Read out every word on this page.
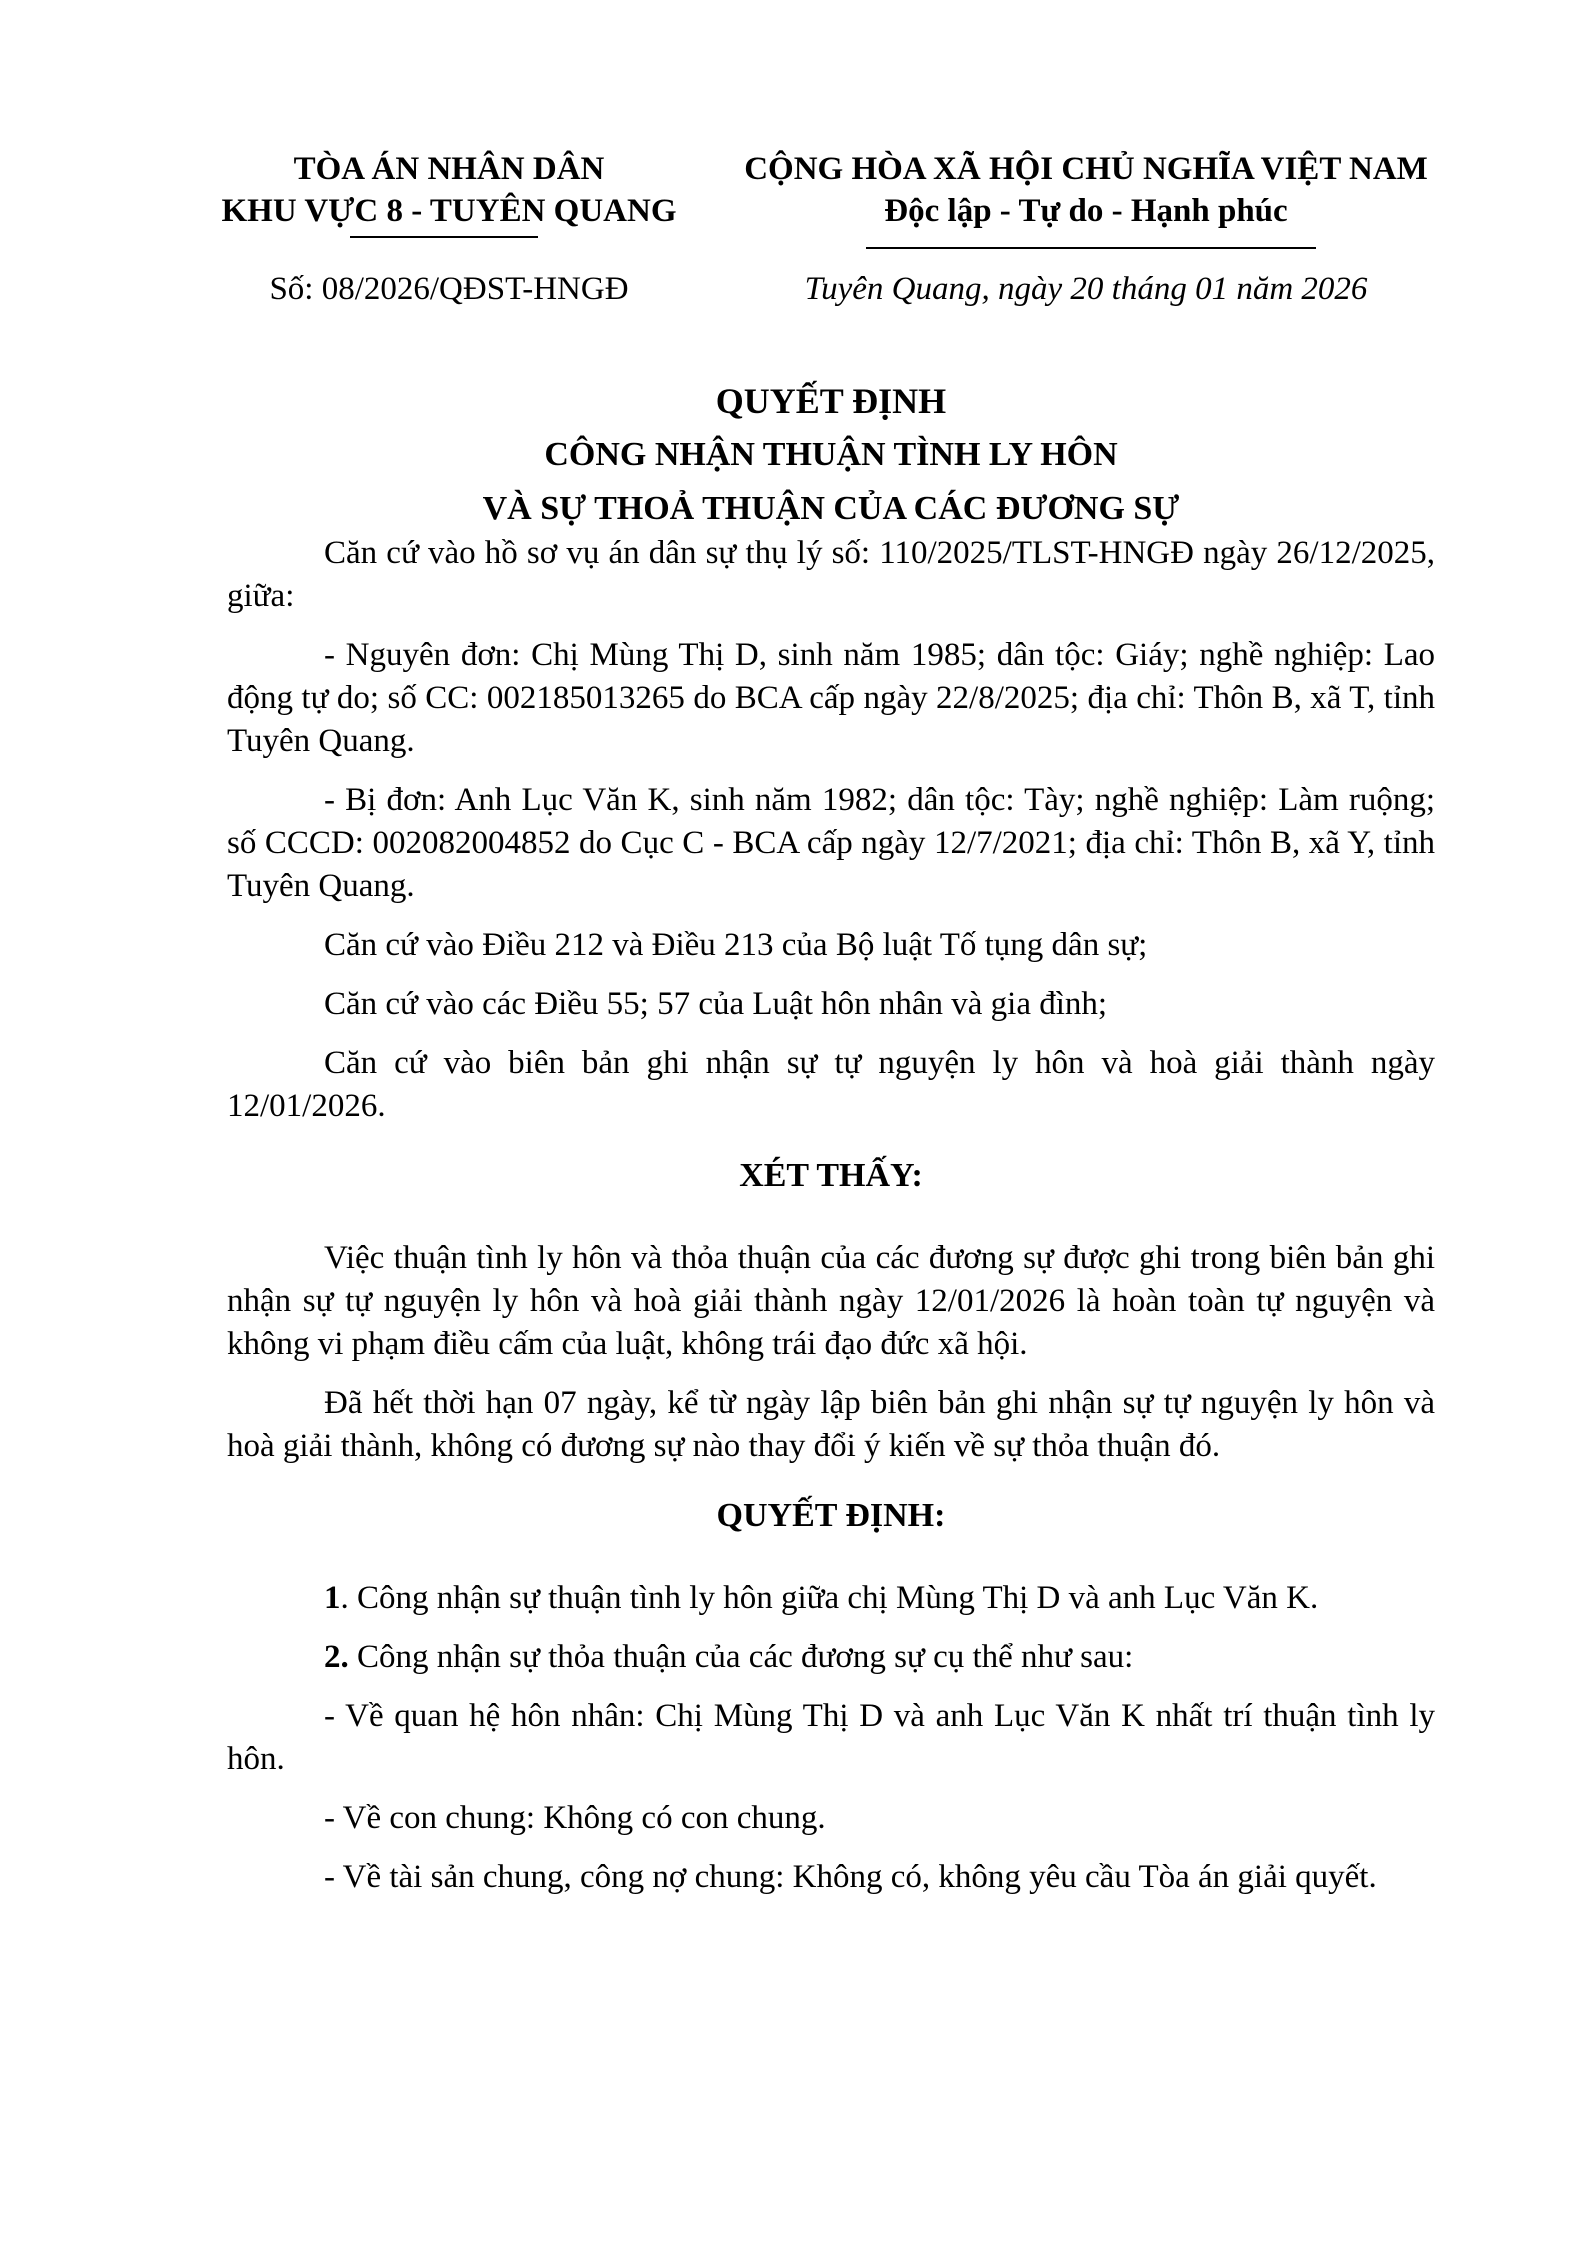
TÒA ÁN NHÂN DÂN
KHU VỰC 8 - TUYÊN QUANG
CỘNG HÒA XÃ HỘI CHỦ NGHĨA VIỆT NAM
Độc lập - Tự do - Hạnh phúc
Số: 08/2026/QĐST-HNGĐ	Tuyên Quang, ngày 20 tháng 01 năm 2026
QUYẾT ĐỊNH
CÔNG NHẬN THUẬN TÌNH LY HÔN
VÀ SỰ THOẢ THUẬN CỦA CÁC ĐƯƠNG SỰ

Căn cứ vào hồ sơ vụ án dân sự thụ lý số: 110/2025/TLST-HNGĐ ngày 26/12/2025, giữa:

- Nguyên đơn: Chị Mùng Thị D, sinh năm 1985; dân tộc: Giáy; nghề nghiệp: Lao động tự do; số CC: 002185013265 do BCA cấp ngày 22/8/2025; địa chỉ: Thôn B, xã T, tỉnh Tuyên Quang.

- Bị đơn: Anh Lục Văn K, sinh năm 1982; dân tộc: Tày; nghề nghiệp: Làm ruộng; số CCCD: 002082004852 do Cục C - BCA cấp ngày 12/7/2021; địa chỉ: Thôn B, xã Y, tỉnh Tuyên Quang.

Căn cứ vào Điều 212 và Điều 213 của Bộ luật Tố tụng dân sự;

Căn cứ vào các Điều 55; 57 của Luật hôn nhân và gia đình;

Căn cứ vào biên bản ghi nhận sự tự nguyện ly hôn và hoà giải thành ngày 12/01/2026.

XÉT THẤY:

Việc thuận tình ly hôn và thỏa thuận của các đương sự được ghi trong biên bản ghi nhận sự tự nguyện ly hôn và hoà giải thành ngày 12/01/2026 là hoàn toàn tự nguyện và không vi phạm điều cấm của luật, không trái đạo đức xã hội.

Đã hết thời hạn 07 ngày, kể từ ngày lập biên bản ghi nhận sự tự nguyện ly hôn và hoà giải thành, không có đương sự nào thay đổi ý kiến về sự thỏa thuận đó.

QUYẾT ĐỊNH:

1. Công nhận sự thuận tình ly hôn giữa chị Mùng Thị D và anh Lục Văn K.

2. Công nhận sự thỏa thuận của các đương sự cụ thể như sau:

- Về quan hệ hôn nhân: Chị Mùng Thị D và anh Lục Văn K nhất trí thuận tình ly hôn.

- Về con chung: Không có con chung.

- Về tài sản chung, công nợ chung: Không có, không yêu cầu Tòa án giải quyết.
